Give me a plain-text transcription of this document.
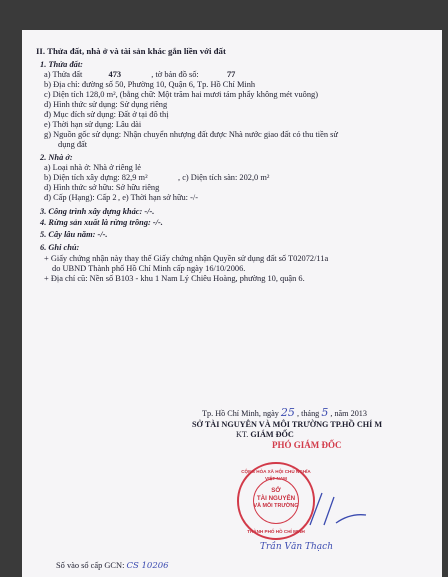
II. Thửa đất, nhà ở và tài sản khác gắn liền với đất
1. Thửa đất:
a) Thửa đất	473	, tờ bản đồ số:	77
b) Địa chỉ: đường số 50, Phường 10, Quận 6, Tp. Hồ Chí Minh
c) Diện tích 128,0 m², (bằng chữ: Một trăm hai mươi tám phẩy không mét vuông)
d) Hình thức sử dụng: Sử dụng riêng
đ) Mục đích sử dụng: Đất ở tại đô thị
e) Thời hạn sử dụng: Lâu dài
g) Nguồn gốc sử dụng: Nhận chuyển nhượng đất được Nhà nước giao đất có thu tiền sử
dụng đất
2. Nhà ở:
a) Loại nhà ở: Nhà ở riêng lẻ
b) Diện tích xây dựng: 82,9 m²	, c) Diện tích sàn: 202,0 m²
d) Hình thức sở hữu: Sở hữu riêng
đ) Cấp (Hạng): Cấp 2 , e) Thời hạn sở hữu: -/-
3. Công trình xây dựng khác: -/-.
4. Rừng sản xuất là rừng trồng: -/-.
5. Cây lâu năm: -/-.
6. Ghi chú:
+ Giấy chứng nhận này thay thế Giấy chứng nhận Quyền sử dụng đất số T02072/11a
do UBND Thành phố Hồ Chí Minh cấp ngày 16/10/2006.
+ Địa chỉ cũ: Nền số B103 - khu 1 Nam Lý Chiêu Hoàng, phường 10, quận 6.
Tp. Hồ Chí Minh, ngày 25 , tháng 5 , năm 2013
SỞ TÀI NGUYÊN VÀ MÔI TRƯỜNG TP.HỒ CHÍ M
KT. GIÁM ĐỐC
PHÓ GIÁM ĐỐC
CỘNG HÒA XÃ HỘI CHỦ NGHĨA VIỆT NAM
SỞ
TÀI NGUYÊN
VÀ MÔI TRƯỜNG
THÀNH PHỐ HỒ CHÍ MINH
Trần Văn Thạch
Số vào sổ cấp GCN: CS 10206
